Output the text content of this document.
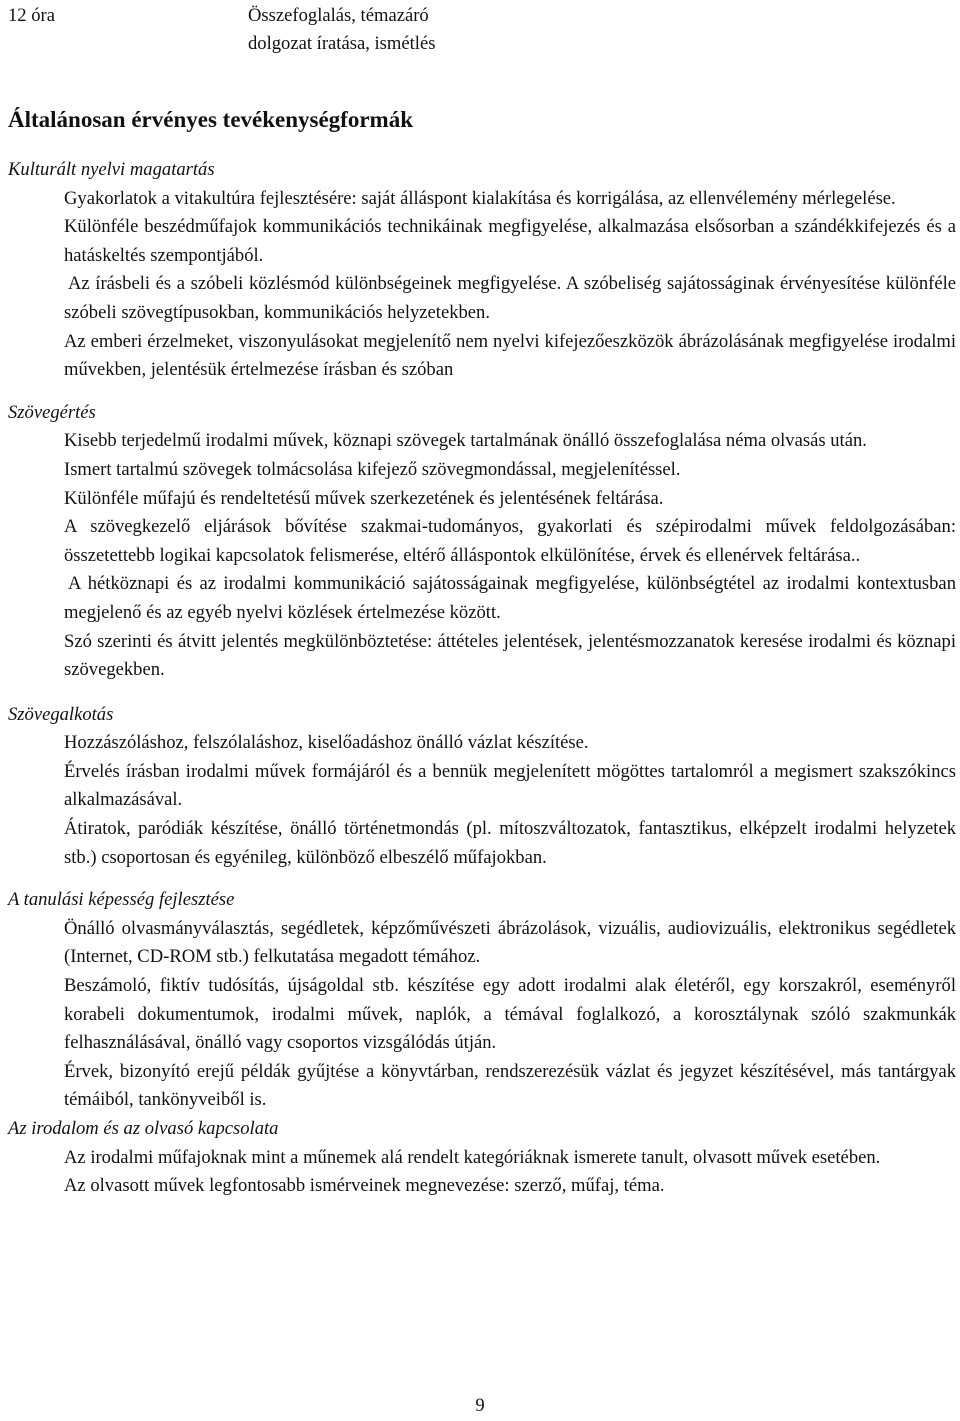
12 óra	Összefoglalás, témazáró
dolgozat íratása, ismétlés
Általánosan érvényes tevékenységformák

Kulturált nyelvi magatartás

Gyakorlatok a vitakultúra fejlesztésére: saját álláspont kialakítása és korrigálása, az ellenvélemény mérlegelése.

Különféle beszédműfajok kommunikációs technikáinak megfigyelése, alkalmazása elsősorban a szándékkifejezés és a hatáskeltés szempontjából.

Az írásbeli és a szóbeli közlésmód különbségeinek megfigyelése. A szóbeliség sajátosságinak érvényesítése különféle szóbeli szövegtípusokban, kommunikációs helyzetekben.

Az emberi érzelmeket, viszonyulásokat megjelenítő nem nyelvi kifejezőeszközök ábrázolásának megfigyelése irodalmi művekben, jelentésük értelmezése írásban és szóban

Szövegértés

Kisebb terjedelmű irodalmi művek, köznapi szövegek tartalmának önálló összefoglalása néma olvasás után.

Ismert tartalmú szövegek tolmácsolása kifejező szövegmondással, megjelenítéssel.

Különféle műfajú és rendeltetésű művek szerkezetének és jelentésének feltárása.

A szövegkezelő eljárások bővítése szakmai-tudományos, gyakorlati és szépirodalmi művek feldolgozásában: összetettebb logikai kapcsolatok felismerése, eltérő álláspontok elkülönítése, érvek és ellenérvek feltárása..

A hétköznapi és az irodalmi kommunikáció sajátosságainak megfigyelése, különbségtétel az irodalmi kontextusban megjelenő és az egyéb nyelvi közlések értelmezése között.

Szó szerinti és átvitt jelentés megkülönböztetése: áttételes jelentések, jelentésmozzanatok keresése irodalmi és köznapi szövegekben.

Szövegalkotás

Hozzászóláshoz, felszólaláshoz, kiselőadáshoz önálló vázlat készítése.

Érvelés írásban irodalmi művek formájáról és a bennük megjelenített mögöttes tartalomról a megismert szakszókincs alkalmazásával.

Átiratok, paródiák készítése, önálló történetmondás (pl. mítoszváltozatok, fantasztikus, elképzelt irodalmi helyzetek stb.) csoportosan és egyénileg, különböző elbeszélő műfajokban.

A tanulási képesség fejlesztése

Önálló olvasmányválasztás, segédletek, képzőművészeti ábrázolások, vizuális, audiovizuális, elektronikus segédletek (Internet, CD-ROM stb.) felkutatása megadott témához.

Beszámoló, fiktív tudósítás, újságoldal stb. készítése egy adott irodalmi alak életéről, egy korszakról, eseményről korabeli dokumentumok, irodalmi művek, naplók, a témával foglalkozó, a korosztálynak szóló szakmunkák felhasználásával, önálló vagy csoportos vizsgálódás útján.

Érvek, bizonyító erejű példák gyűjtése a könyvtárban, rendszerezésük vázlat és jegyzet készítésével, más tantárgyak témáiból, tankönyveiből is.

Az irodalom és az olvasó kapcsolata

Az irodalmi műfajoknak mint a műnemek alá rendelt kategóriáknak ismerete tanult, olvasott művek esetében.

Az olvasott művek legfontosabb ismérveinek megnevezése: szerző, műfaj, téma.

9
